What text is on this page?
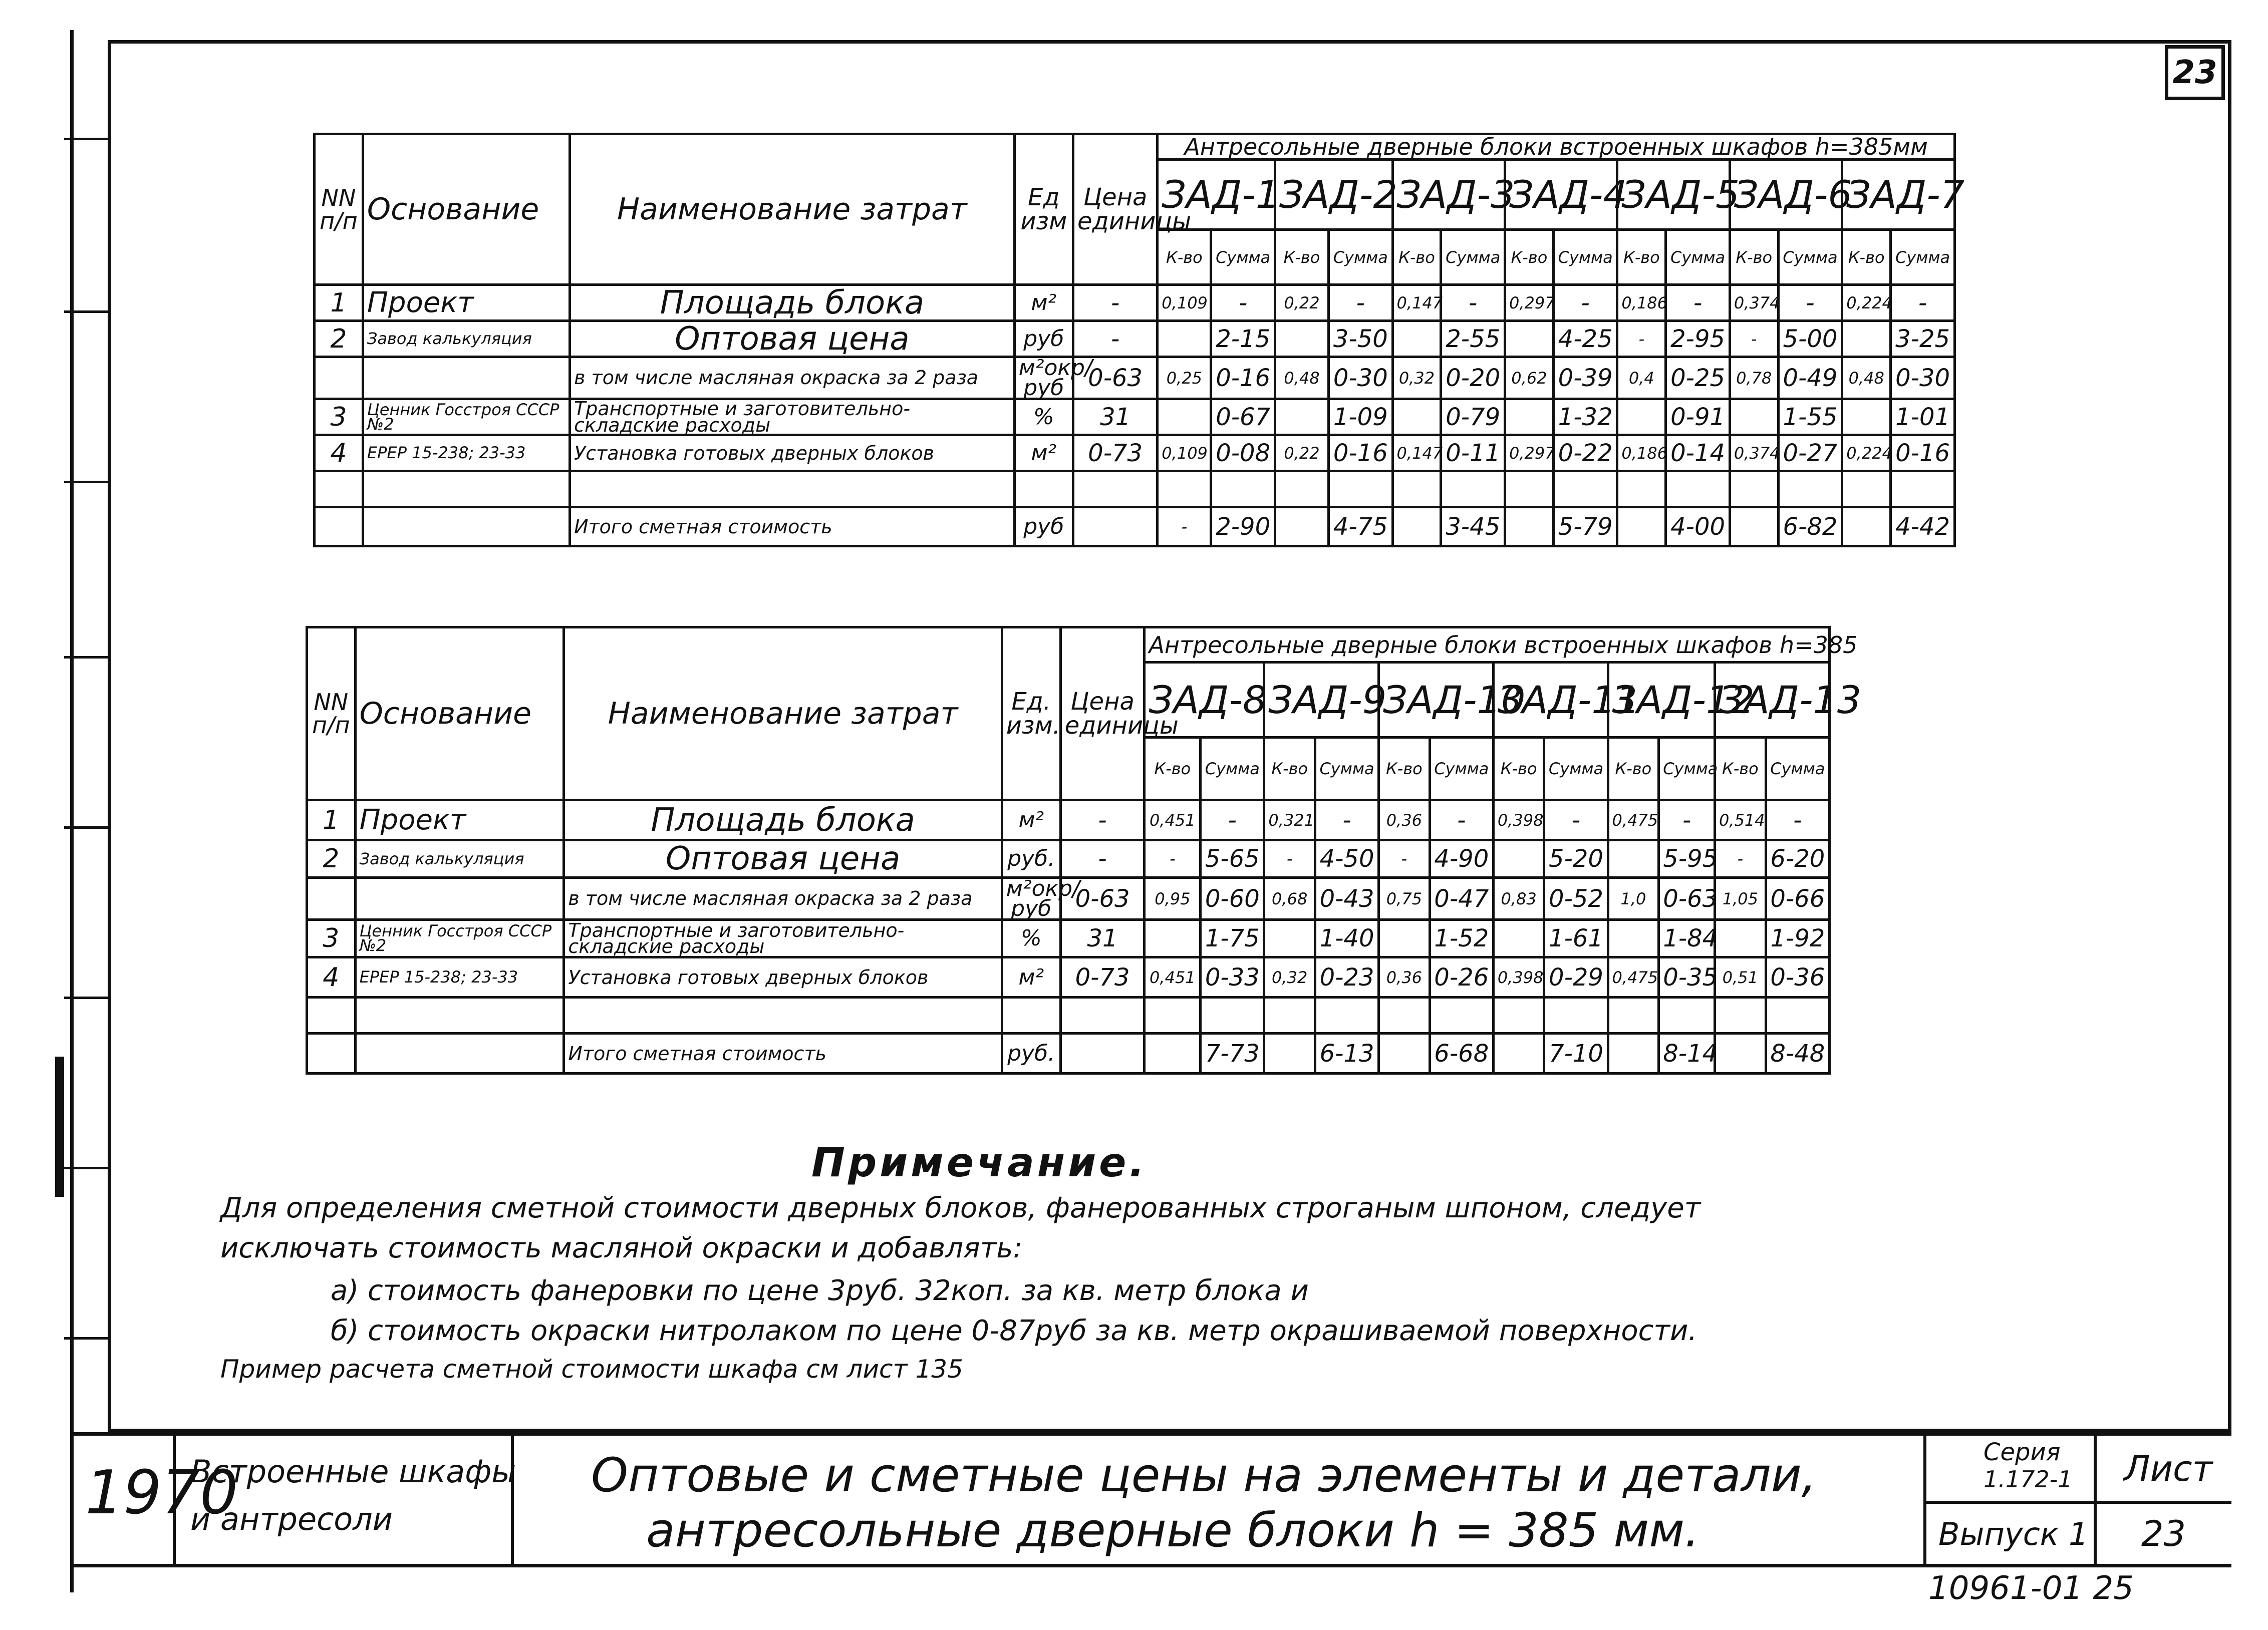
23
NN п/п	Основание	Наименование затрат	Ед изм	Цена единицы	Антресольные дверные блоки встроенных шкафов h=385мм													
					ЗАД-1		ЗАД-2		ЗАД-3		ЗАД-4		ЗАД-5		ЗАД-6		ЗАД-7	
					К-во	Сумма	К-во	Сумма	К-во	Сумма	К-во	Сумма	К-во	Сумма	К-во	Сумма	К-во	Сумма
1	Проект	Площадь блока	м²	-	0,109	-	0,22	-	0,147	-	0,297	-	0,186	-	0,374	-	0,224	-
2	Завод калькуляция	Оптовая цена	руб	-		2-15		3-50		2-55		4-25	-	2-95	-	5-00		3-25
		в том числе масляная окраска за 2 раза	м²окр/руб	0-63	0,25	0-16	0,48	0-30	0,32	0-20	0,62	0-39	0,4	0-25	0,78	0-49	0,48	0-30
3	Ценник Госстроя СССР №2	Транспортные и заготовительно-складские расходы	%	31		0-67		1-09		0-79		1-32		0-91		1-55		1-01
4	ЕРЕР 15-238; 23-33	Установка готовых дверных блоков	м²	0-73	0,109	0-08	0,22	0-16	0,147	0-11	0,297	0-22	0,186	0-14	0,374	0-27	0,224	0-16

		Итого сметная стоимость	руб		-	2-90		4-75		3-45		5-79		4-00		6-82		4-42
NN п/п	Основание	Наименование затрат	Ед. изм.	Цена единицы	Антресольные дверные блоки встроенных шкафов h=385											
					ЗАД-8		ЗАД-9		ЗАД-10		ЗАД-11		ЗАД-12		ЗАД-13	
					К-во	Сумма	К-во	Сумма	К-во	Сумма	К-во	Сумма	К-во	Сумма	К-во	Сумма
1	Проект	Площадь блока	м²	-	0,451	-	0,321	-	0,36	-	0,398	-	0,475	-	0,514	-
2	Завод калькуляция	Оптовая цена	руб.	-	-	5-65	-	4-50	-	4-90		5-20		5-95	-	6-20
		в том числе масляная окраска за 2 раза	м²окр/руб	0-63	0,95	0-60	0,68	0-43	0,75	0-47	0,83	0-52	1,0	0-63	1,05	0-66
3	Ценник Госстроя СССР №2	Транспортные и заготовительно-складские расходы	%	31		1-75		1-40		1-52		1-61		1-84		1-92
4	ЕРЕР 15-238; 23-33	Установка готовых дверных блоков	м²	0-73	0,451	0-33	0,32	0-23	0,36	0-26	0,398	0-29	0,475	0-35	0,51	0-36

		Итого сметная стоимость	руб.			7-73		6-13		6-68		7-10		8-14		8-48
Примечание.
Для определения сметной стоимости дверных блоков, фанерованных строганым шпоном, следует
исключать стоимость масляной окраски и добавлять:
а) стоимость фанеровки по цене 3руб. 32коп. за кв. метр блока и
б) стоимость окраски нитролаком по цене 0-87руб за кв. метр окрашиваемой поверхности.
Пример расчета сметной стоимости шкафа см лист 135
1970
Встроенные шкафы
и антресоли
Оптовые и сметные цены на элементы и детали,
антресольные дверные блоки h = 385 мм.
Серия
1.172-1
Выпуск 1
Лист
23
10961-01 25
